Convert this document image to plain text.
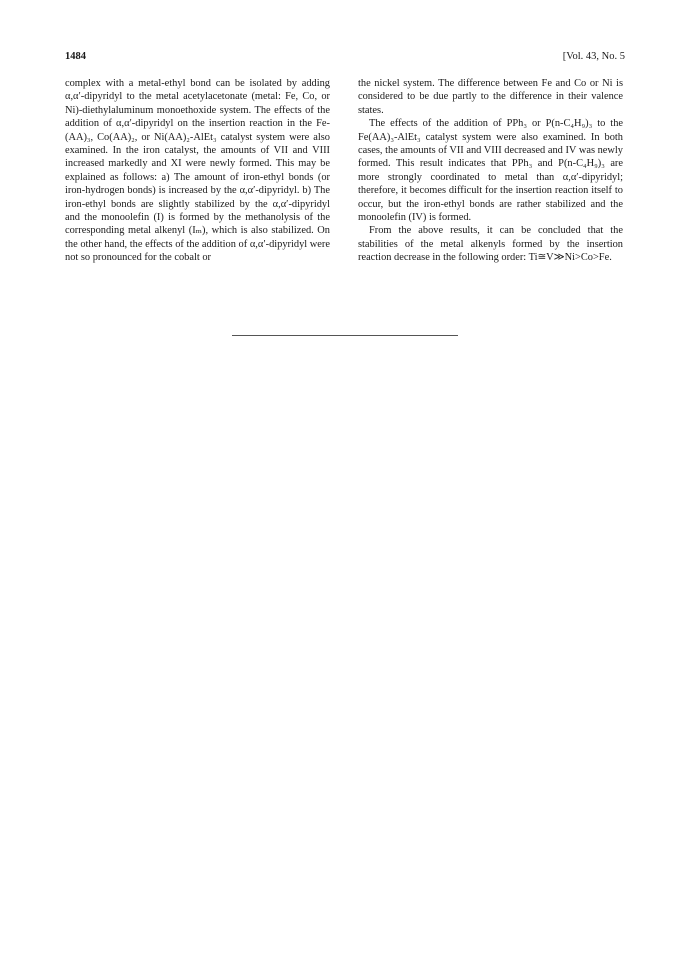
1484	[Vol. 43, No. 5

complex with a metal-ethyl bond can be isolated by adding α,α′-dipyridyl to the metal acetylacetonate (metal: Fe, Co, or Ni)-diethylaluminum monoethoxide system. The effects of the addition of α,α′-dipyridyl on the insertion reaction in the Fe-(AA)₃, Co(AA)₂, or Ni(AA)₂-AlEt₃ catalyst system were also examined. In the iron catalyst, the amounts of VII and VIII increased markedly and XI were newly formed. This may be explained as follows: a) The amount of iron-ethyl bonds (or iron-hydrogen bonds) is increased by the α,α′-dipyridyl. b) The iron-ethyl bonds are slightly stabilized by the α,α′-dipyridyl and the monoolefin (I) is formed by the methanolysis of the corresponding metal alkenyl (Iₘ), which is also stabilized. On the other hand, the effects of the addition of α,α′-dipyridyl were not so pronounced for the cobalt or

the nickel system. The difference between Fe and Co or Ni is considered to be due partly to the difference in their valence states.

The effects of the addition of PPh₃ or P(n-C₄H₉)₃ to the Fe(AA)₃-AlEt₃ catalyst system were also examined. In both cases, the amounts of VII and VIII decreased and IV was newly formed. This result indicates that PPh₃ and P(n-C₄H₉)₃ are more strongly coordinated to metal than α,α′-dipyridyl; therefore, it becomes difficult for the insertion reaction itself to occur, but the iron-ethyl bonds are rather stabilized and the monoolefin (IV) is formed.

From the above results, it can be concluded that the stabilities of the metal alkenyls formed by the insertion reaction decrease in the following order: Ti≅V≫Ni>Co>Fe.
